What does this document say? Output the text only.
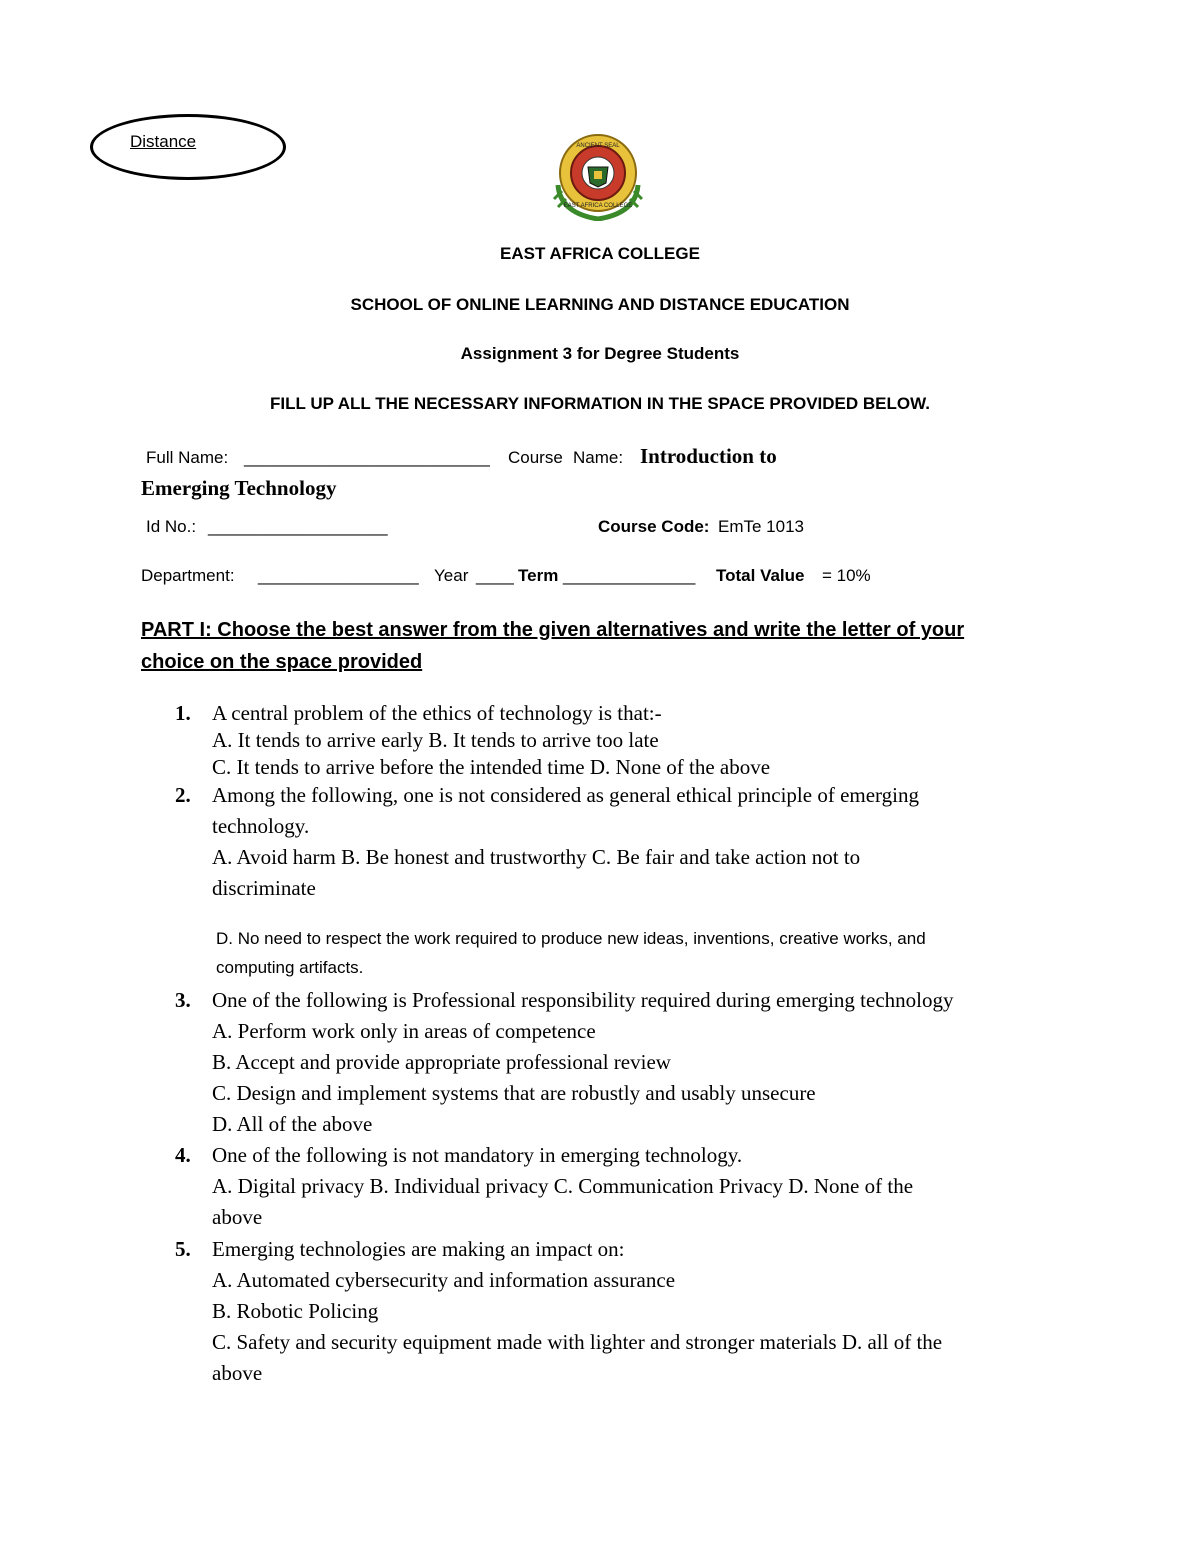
Distance	ANCIENT SEAL
EAST AFRICA COLLEGE
EAST AFRICA COLLEGE
SCHOOL OF ONLINE LEARNING AND DISTANCE EDUCATION
Assignment 3 for Degree Students
FILL UP ALL THE NECESSARY INFORMATION IN THE SPACE PROVIDED BELOW.
Full Name: __________________________ Course Name: Introduction to
Emerging Technology
Id No.: ___________________	Course Code: EmTe 1013
Department: _________________ Year ____ Term ______________ Total Value = 10%
PART I: Choose the best answer from the given alternatives and write the letter of your
choice on the space provided
1. A central problem of the ethics of technology is that:-
A. It tends to arrive early B. It tends to arrive too late
C. It tends to arrive before the intended time D. None of the above
2. Among the following, one is not considered as general ethical principle of emerging
technology.
A. Avoid harm B. Be honest and trustworthy C. Be fair and take action not to
discriminate
D. No need to respect the work required to produce new ideas, inventions, creative works, and
computing artifacts.
3. One of the following is Professional responsibility required during emerging technology
A. Perform work only in areas of competence
B. Accept and provide appropriate professional review
C. Design and implement systems that are robustly and usably unsecure
D. All of the above
4. One of the following is not mandatory in emerging technology.
A. Digital privacy B. Individual privacy C. Communication Privacy D. None of the
above
5. Emerging technologies are making an impact on:
A. Automated cybersecurity and information assurance
B. Robotic Policing
C. Safety and security equipment made with lighter and stronger materials D. all of the
above
